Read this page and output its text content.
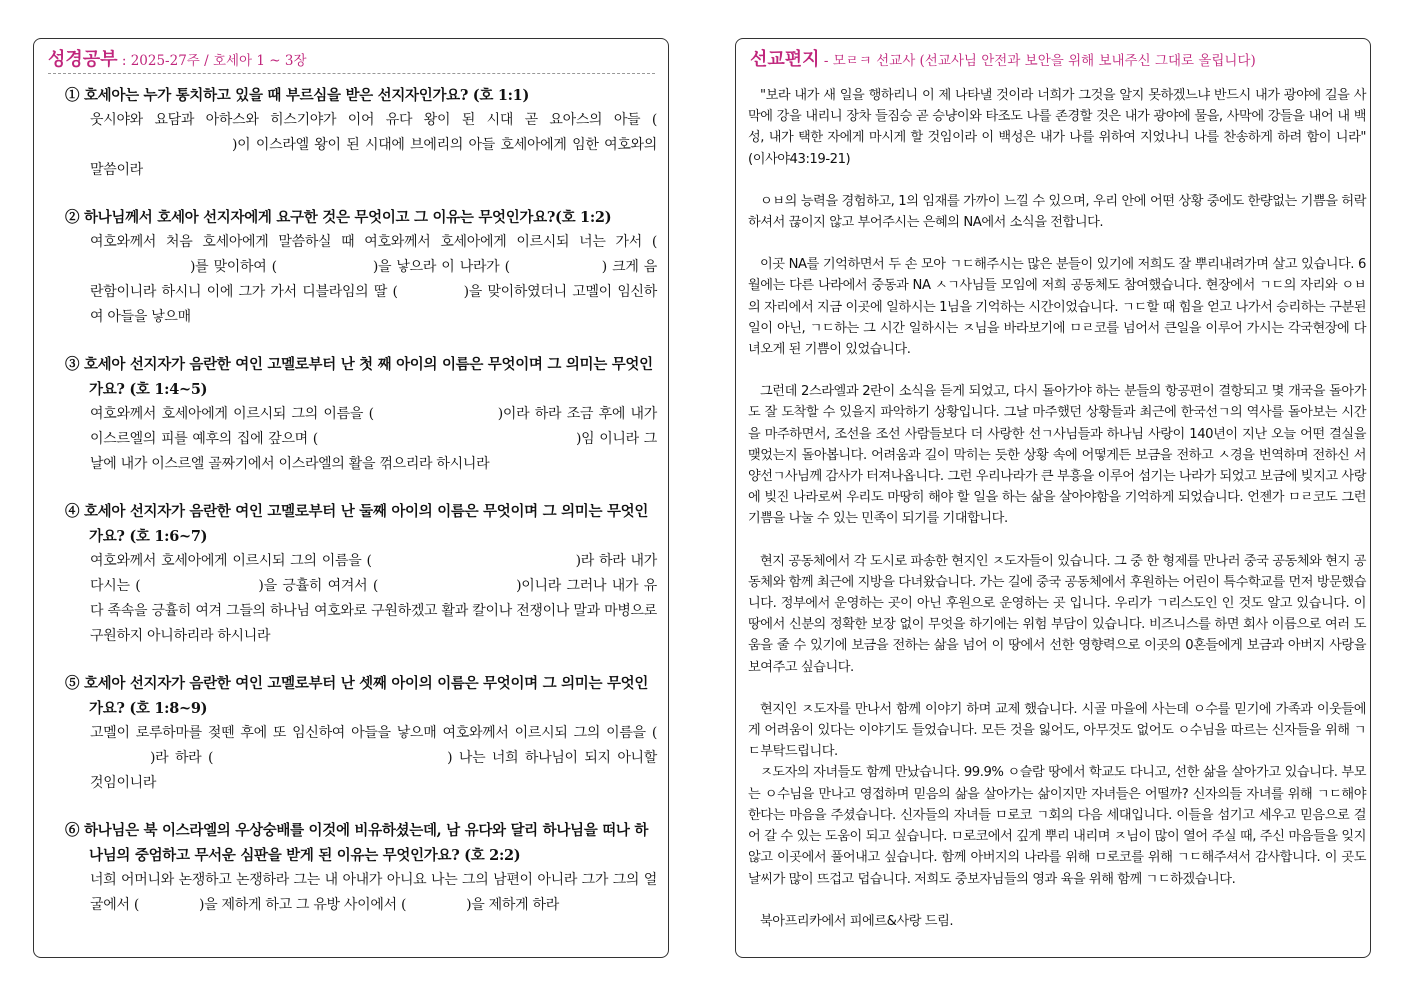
성경공부 : 2025-27주 / 호세아 1 ~ 3장
① 호세아는 누가 통치하고 있을 때 부르심을 받은 선지자인가요? (호 1:1)
웃시야와 요담과 아하스와 히스기야가 이어 유다 왕이 된 시대 곧 요아스의 아들 ()이 이스라엘 왕이 된 시대에 브에리의 아들 호세아에게 임한 여호와의 말씀이라
② 하나님께서 호세아 선지자에게 요구한 것은 무엇이고 그 이유는 무엇인가요?(호 1:2)
여호와께서 처음 호세아에게 말씀하실 때 여호와께서 호세아에게 이르시되 너는 가서 ()를 맞이하여 (	)을 낳으라 이 나라가 (	) 크게 음란함이니라 하시니 이에 그가 가서 디블라임의 딸 (	)을 맞이하였더니 고멜이 임신하여 아들을 낳으매
③ 호세아 선지자가 음란한 여인 고멜로부터 난 첫 째 아이의 이름은 무엇이며 그 의미는 무엇인가요? (호 1:4~5)
여호와께서 호세아에게 이르시되 그의 이름을 (	)이라 하라 조금 후에 내가 이스르엘의 피를 예후의 집에 갚으며 (	)임 이니라 그 날에 내가 이스르엘 골짜기에서 이스라엘의 활을 꺾으리라 하시니라
④ 호세아 선지자가 음란한 여인 고멜로부터 난 둘째 아이의 이름은 무엇이며 그 의미는 무엇인가요? (호 1:6~7)
여호와께서 호세아에게 이르시되 그의 이름을 (	)라 하라 내가 다시는 (	)을 긍휼히 여겨서 (	)이니라 그러나 내가 유다 족속을 긍휼히 여겨 그들의 하나님 여호와로 구원하겠고 활과 칼이나 전쟁이나 말과 마병으로 구원하지 아니하리라 하시니라
⑤ 호세아 선지자가 음란한 여인 고멜로부터 난 셋째 아이의 이름은 무엇이며 그 의미는 무엇인가요? (호 1:8~9)
고멜이 로루하마를 젖뗀 후에 또 임신하여 아들을 낳으매 여호와께서 이르시되 그의 이름을 ()라 하라 (	) 나는 너희 하나님이 되지 아니할 것임이니라
⑥ 하나님은 북 이스라엘의 우상숭배를 이것에 비유하셨는데, 남 유다와 달리 하나님을 떠나 하나님의 중엄하고 무서운 심판을 받게 된 이유는 무엇인가요? (호 2:2)
너희 어머니와 논쟁하고 논쟁하라 그는 내 아내가 아니요 나는 그의 남편이 아니라 그가 그의 얼굴에서 (	)을 제하게 하고 그 유방 사이에서 (	)을 제하게 하라
선교편지 - 모ㄹㅋ 선교사 (선교사님 안전과 보안을 위해 보내주신 그대로 올립니다)

"보라 내가 새 일을 행하리니 이 제 나타낼 것이라 너희가 그것을 알지 못하겠느냐 반드시 내가 광야에 길을 사막에 강을 내리니 장차 들짐승 곧 승냥이와 타조도 나를 존경할 것은 내가 광야에 물을, 사막에 강들을 내어 내 백 성, 내가 택한 자에게 마시게 할 것임이라 이 백성은 내가 나를 위하여 지었나니 나를 찬송하게 하려 함이 니라"(이사야43:19-21)

ㅇㅂ의 능력을 경험하고, 1의 임재를 가까이 느낄 수 있으며, 우리 안에 어떤 상황 중에도 한량없는 기쁨을 허락하셔서 끊이지 않고 부어주시는 은혜의 NA에서 소식을 전합니다.

이곳 NA를 기억하면서 두 손 모아 ㄱㄷ해주시는 많은 분들이 있기에 저희도 잘 뿌리내려가며 살고 있습니다. 6월에는 다른 나라에서 중동과 NA ㅅㄱ사님들 모임에 저희 공동체도 참여했습니다. 현장에서 ㄱㄷ의 자리와 ㅇㅂ의 자리에서 지금 이곳에 일하시는 1님을 기억하는 시간이었습니다. ㄱㄷ할 때 힘을 얻고 나가서 승리하는 구분된 일이 아닌, ㄱㄷ하는 그 시간 일하시는 ㅈ님을 바라보기에 ㅁㄹ코를 넘어서 큰일을 이루어 가시는 각국현장에 다녀오게 된 기쁨이 있었습니다.

그런데 2스라엘과 2란이 소식을 듣게 되었고, 다시 돌아가야 하는 분들의 항공편이 결항되고 몇 개국을 돌아가도 잘 도착할 수 있을지 파악하기 상황입니다. 그날 마주했던 상황들과 최근에 한국선ㄱ의 역사를 돌아보는 시간을 마주하면서, 조선을 조선 사람들보다 더 사랑한 선ㄱ사님들과 하나님 사랑이 140년이 지난 오늘 어떤 결실을 맺었는지 돌아봅니다. 어려움과 길이 막히는 듯한 상황 속에 어떻게든 보금을 전하고 ㅅ경을 번역하며 전하신 서양선ㄱ사님께 감사가 터져나옵니다. 그런 우리나라가 큰 부흥을 이루어 섬기는 나라가 되었고 보금에 빚지고 사랑에 빚진 나라로써 우리도 마땅히 해야 할 일을 하는 삶을 살아야함을 기억하게 되었습니다. 언젠가 ㅁㄹ코도 그런 기쁨을 나눌 수 있는 민족이 되기를 기대합니다.

현지 공동체에서 각 도시로 파송한 현지인 ㅈ도자들이 있습니다. 그 중 한 형제를 만나러 중국 공동체와 현지 공동체와 함께 최근에 지방을 다녀왔습니다. 가는 길에 중국 공동체에서 후원하는 어린이 특수학교를 먼저 방문했습니다. 정부에서 운영하는 곳이 아닌 후원으로 운영하는 곳 입니다. 우리가 ㄱ리스도인 인 것도 알고 있습니다. 이 땅에서 신분의 정확한 보장 없이 무엇을 하기에는 위험 부담이 있습니다. 비즈니스를 하면 회사 이름으로 여러 도움을 줄 수 있기에 보금을 전하는 삶을 넘어 이 땅에서 선한 영향력으로 이곳의 0혼들에게 보금과 아버지 사랑을 보여주고 싶습니다.

현지인 ㅈ도자를 만나서 함께 이야기 하며 교제 했습니다. 시골 마을에 사는데 ㅇ수를 믿기에 가족과 이웃들에게 어려움이 있다는 이야기도 들었습니다. 모든 것을 잃어도, 아무것도 없어도 ㅇ수님을 따르는 신자들을 위해 ㄱㄷ부탁드립니다.

ㅈ도자의 자녀들도 함께 만났습니다. 99.9% ㅇ슬람 땅에서 학교도 다니고, 선한 삶을 살아가고 있습니다. 부모는 ㅇ수님을 만나고 영접하며 믿음의 삶을 살아가는 삶이지만 자녀들은 어떨까? 신자의들 자녀를 위해 ㄱㄷ해야 한다는 마음을 주셨습니다. 신자들의 자녀들 ㅁ로코 ㄱ회의 다음 세대입니다. 이들을 섬기고 세우고 믿음으로 걸어 갈 수 있는 도움이 되고 싶습니다. ㅁ로코에서 깊게 뿌리 내리며 ㅈ님이 많이 열어 주실 때, 주신 마음들을 잊지 않고 이곳에서 풀어내고 싶습니다. 함께 아버지의 나라를 위해 ㅁ로코를 위해 ㄱㄷ해주셔서 감사합니다. 이 곳도 날씨가 많이 뜨겁고 덥습니다. 저희도 중보자님들의 영과 육을 위해 함께 ㄱㄷ하겠습니다.

북아프리카에서 피에르&사랑 드림.
